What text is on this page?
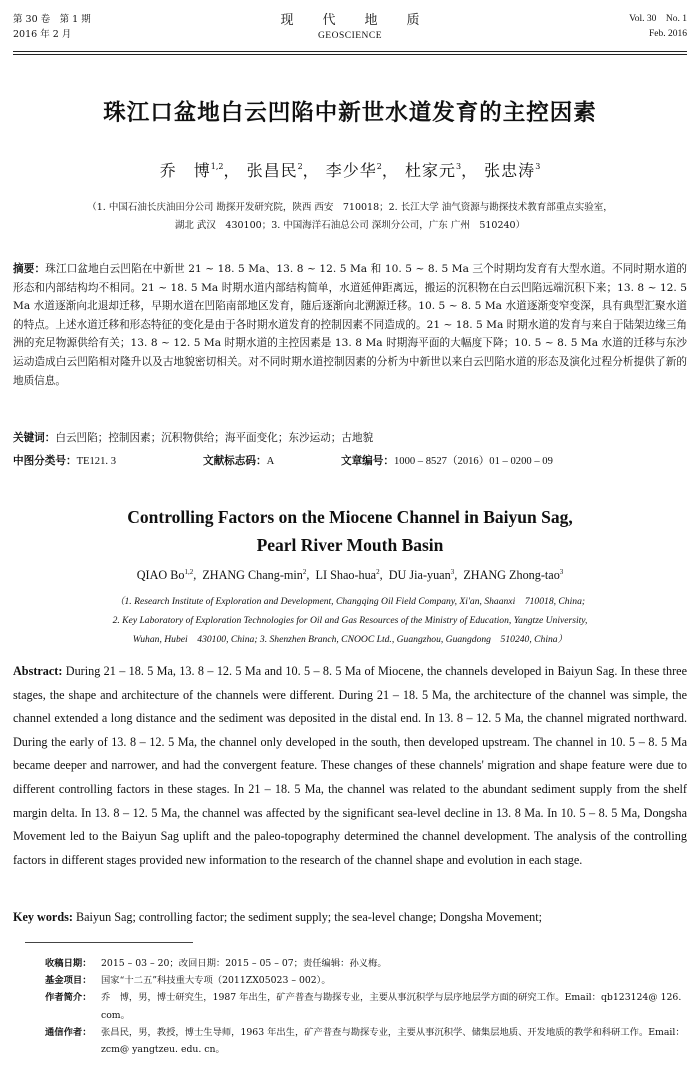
第 30 卷　第 1 期
2016 年 2 月
现　代　地　质
GEOSCIENCE
Vol. 30　No. 1
Feb. 2016
珠江口盆地白云凹陷中新世水道发育的主控因素
乔　博$^{1,2}$， 张昌民$^2$， 李少华$^2$， 杜家元$^3$， 张忠涛$^3$
（1. 中国石油长庆油田分公司 勘探开发研究院，陕西 西安　710018；2. 长江大学 油气资源与勘探技术教育部重点实验室，
湖北 武汉　430100；3. 中国海洋石油总公司 深圳分公司，广东 广州　510240）
摘要：珠江口盆地白云凹陷在中新世 21 ~ 18. 5 Ma、13. 8 ~ 12. 5 Ma 和 10. 5 ~ 8. 5 Ma 三个时期均发育有大型水道。不同时期水道的形态和内部结构均不相同。21 ~ 18. 5 Ma 时期水道内部结构简单，水道延伸距离远，搬运的沉积物在白云凹陷远端沉积下来；13. 8 ~ 12. 5 Ma 水道逐渐向北退却迁移，早期水道在凹陷南部地区发育，随后逐渐向北溯源迁移。10. 5 ~ 8. 5 Ma 水道逐渐变窄变深，具有典型汇聚水道的特点。上述水道迁移和形态特征的变化是由于各时期水道发育的控制因素不同造成的。21 ~ 18. 5 Ma 时期水道的发育与来自于陆架边缘三角洲的充足物源供给有关；13. 8 ~ 12. 5 Ma 时期水道的主控因素是 13. 8 Ma 时期海平面的大幅度下降；10. 5 ~ 8. 5 Ma 水道的迁移与东沙运动造成白云凹陷相对隆升以及古地貌密切相关。对不同时期水道控制因素的分析为中新世以来白云凹陷水道的形态及演化过程分析提供了新的地质信息。
关键词：白云凹陷；控制因素；沉积物供给；海平面变化；东沙运动；古地貌
中图分类号：TE121. 3	文献标志码：A	文章编号：1000 – 8527（2016）01 – 0200 – 09
Controlling Factors on the Miocene Channel in Baiyun Sag,
Pearl River Mouth Basin
QIAO Bo$^{1,2}$,  ZHANG Chang-$\min^2$,  LI Shao-hua$^2$,  DU Jia-yuan$^3$,  ZHANG Zhong-tao$^3$
（1. Research Institute of Exploration and Development, Changqing Oil Field Company, Xi'an, Shaanxi　710018, China;
2. Key Laboratory of Exploration Technologies for Oil and Gas Resources of the Ministry of Education, Yangtze University,
Wuhan, Hubei　430100, China; 3. Shenzhen Branch, CNOOC Ltd., Guangzhou, Guangdong　510240, China）
Abstract: During 21 – 18. 5 Ma, 13. 8 – 12. 5 Ma and 10. 5 – 8. 5 Ma of Miocene, the channels developed in Baiyun Sag. In these three stages, the shape and architecture of the channels were different. During 21 – 18. 5 Ma, the architecture of the channel was simple, the channel extended a long distance and the sediment was deposited in the distal end. In 13. 8 – 12. 5 Ma, the channel migrated northward. During the early of 13. 8 – 12. 5 Ma, the channel only developed in the south, then developed upstream. The channel in 10. 5 – 8. 5 Ma became deeper and narrower, and had the convergent feature. These changes of these channels' migration and shape feature were due to different controlling factors in these stages. In 21 – 18. 5 Ma, the channel was related to the abundant sediment supply from the shelf margin delta. In 13. 8 – 12. 5 Ma, the channel was affected by the significant sea-level decline in 13. 8 Ma. In 10. 5 – 8. 5 Ma, Dongsha Movement led to the Baiyun Sag uplift and the paleo-topography determined the channel development. The analysis of the controlling factors in different stages provided new information to the research of the channel shape and evolution in each stage.
Key words: Baiyun Sag; controlling factor; the sediment supply; the sea-level change; Dongsha Movement;
收稿日期： 2015 – 03 – 20；改回日期：2015 – 05 – 07；责任编辑：孙义梅。
基金项目： 国家“十二五”科技重大专项（2011ZX05023 – 002）。
作者简介： 乔　博，男，博士研究生，1987 年出生，矿产普查与勘探专业，主要从事沉积学与层序地层学方面的研究工作。Email：qb123124@ 126. com。
通信作者： 张昌民，男，教授，博士生导师，1963 年出生，矿产普查与勘探专业，主要从事沉积学、储集层地质、开发地质的教学和科研工作。Email：zcm@ yangtzeu. edu. cn。
